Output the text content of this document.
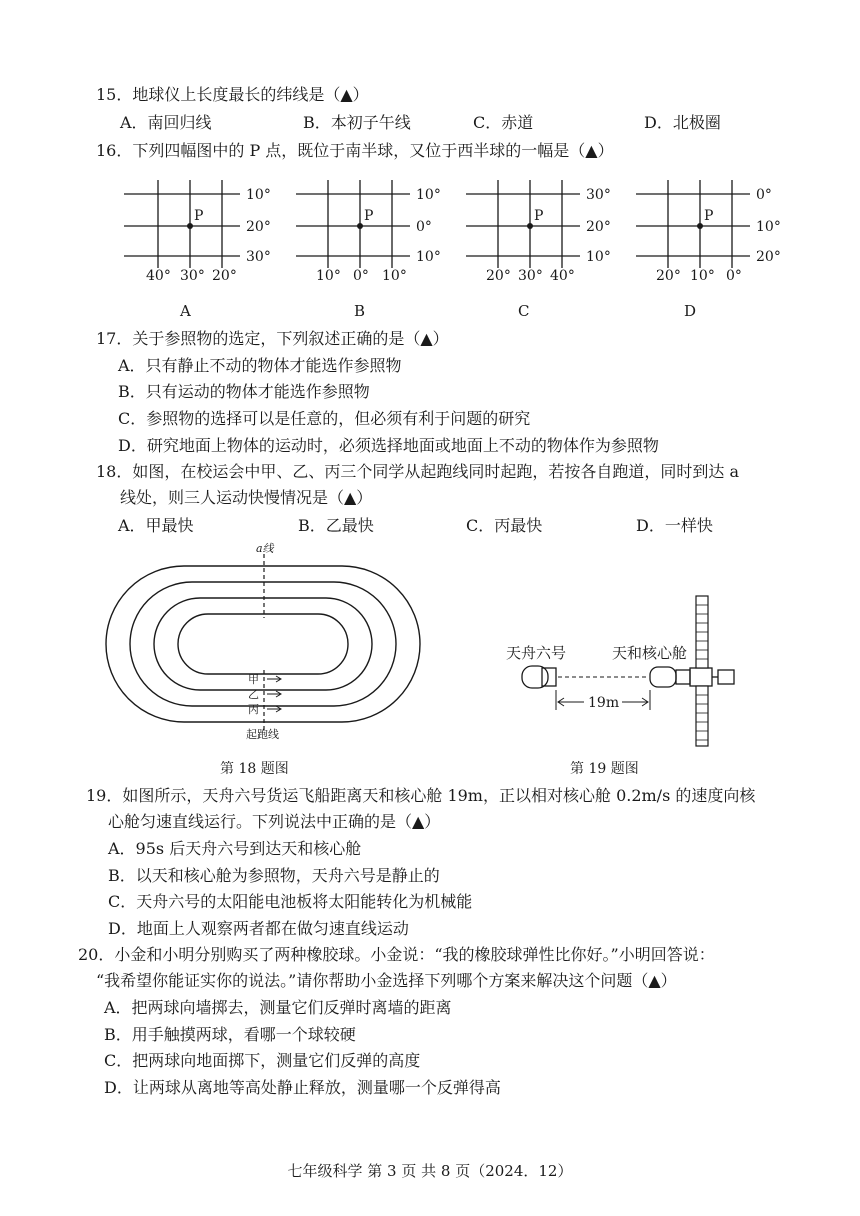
15．地球仪上长度最长的纬线是（▲）
A．南回归线	B．本初子午线	C．赤道	D．北极圈
16．下列四幅图中的 P 点，既位于南半球，又位于西半球的一幅是（▲）
P
10°
20°
30°
40° 30° 20°
A
P
10°
0°
10°
10° 0° 10°
B
P
30°
20°
10°
20° 30° 40°
C
P
0°
10°
20°
20° 10° 0°
D
17．关于参照物的选定，下列叙述正确的是（▲）
A．只有静止不动的物体才能选作参照物
B．只有运动的物体才能选作参照物
C．参照物的选择可以是任意的，但必须有利于问题的研究
D．研究地面上物体的运动时，必须选择地面或地面上不动的物体作为参照物
18．如图，在校运会中甲、乙、丙三个同学从起跑线同时起跑，若按各自跑道，同时到达 a
线处，则三人运动快慢情况是（▲）
A．甲最快	B．乙最快	C．丙最快	D．一样快
a线
甲
乙
丙
起跑线
第 18 题图
天舟六号	天和核心舱
19m
第 19 题图
19．如图所示，天舟六号货运飞船距离天和核心舱 19m，正以相对核心舱 0.2m/s 的速度向核
心舱匀速直线运行。下列说法中正确的是（▲）
A．95s 后天舟六号到达天和核心舱
B．以天和核心舱为参照物，天舟六号是静止的
C．天舟六号的太阳能电池板将太阳能转化为机械能
D．地面上人观察两者都在做匀速直线运动
20．小金和小明分别购买了两种橡胶球。小金说：“我的橡胶球弹性比你好。”小明回答说：
“我希望你能证实你的说法。”请你帮助小金选择下列哪个方案来解决这个问题（▲）
A．把两球向墙掷去，测量它们反弹时离墙的距离
B．用手触摸两球，看哪一个球较硬
C．把两球向地面掷下，测量它们反弹的高度
D．让两球从离地等高处静止释放，测量哪一个反弹得高
七年级科学 第 3 页 共 8 页（2024．12）
